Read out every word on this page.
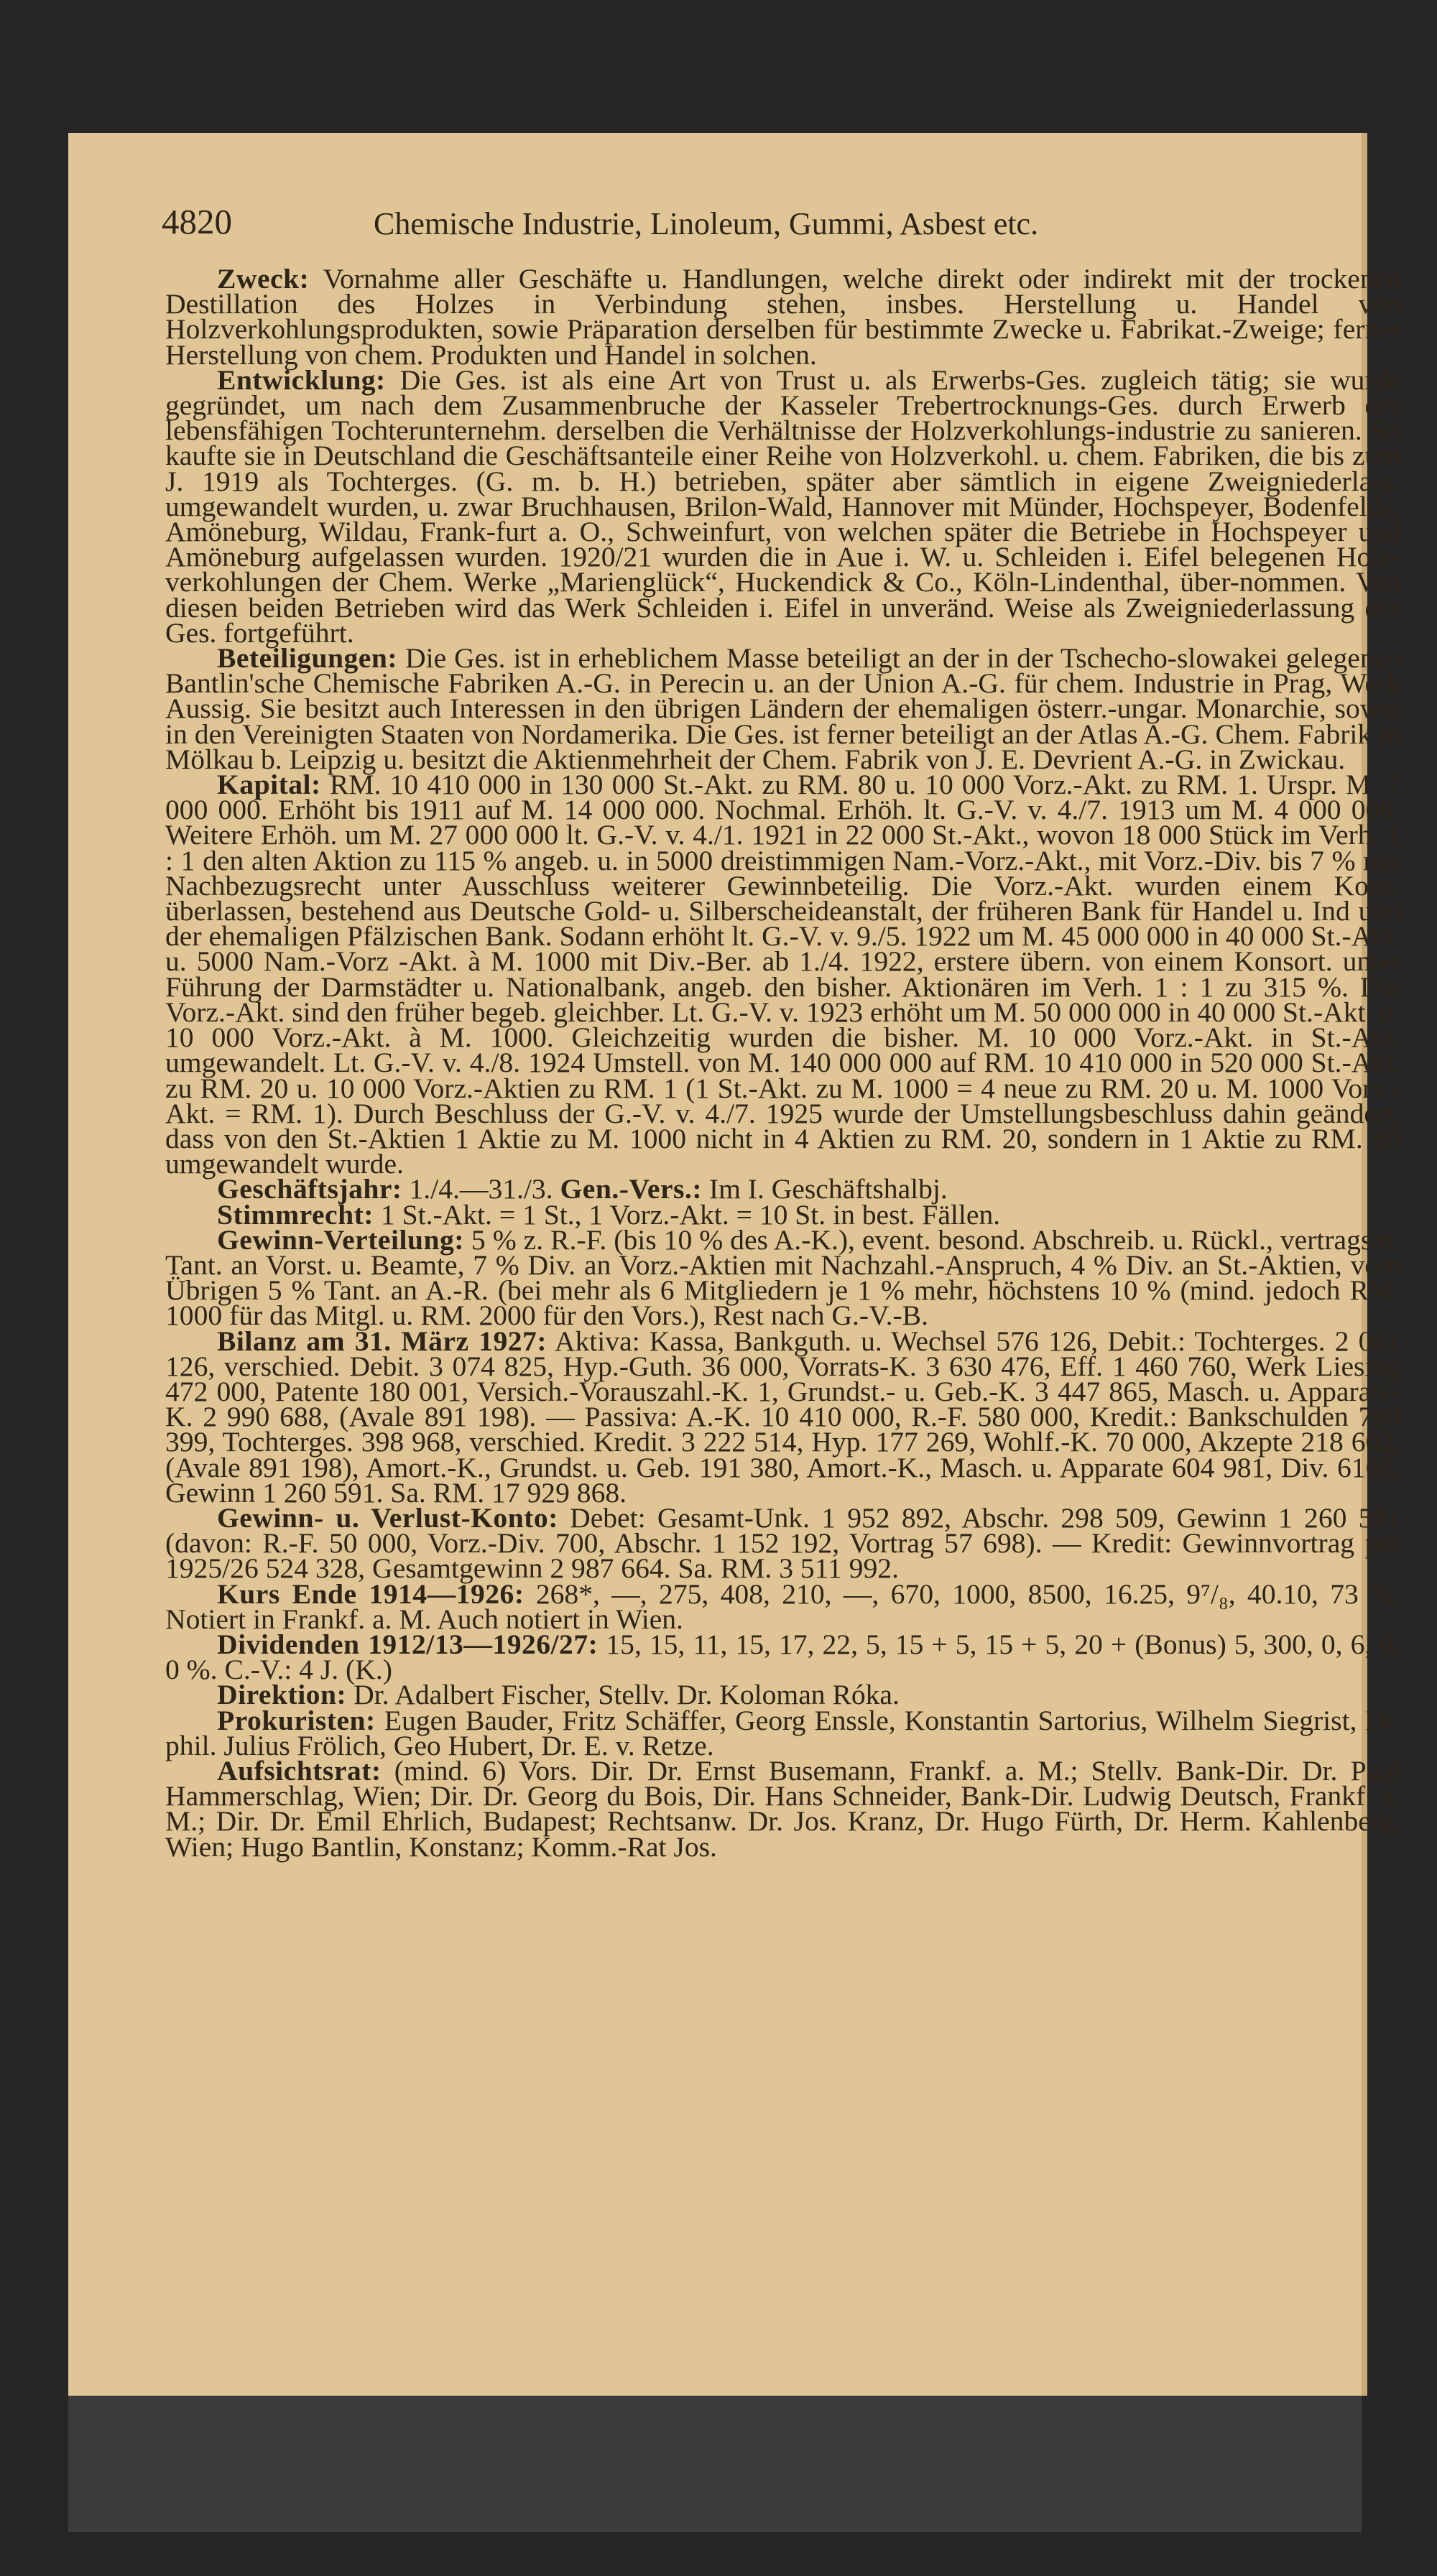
4820	Chemische Industrie, Linoleum, Gummi, Asbest etc.

Zweck: Vornahme aller Geschäfte u. Handlungen, welche direkt oder indirekt mit der trockenen Destillation des Holzes in Verbindung stehen, insbes. Herstellung u. Handel von Holzverkohlungsprodukten, sowie Präparation derselben für bestimmte Zwecke u. Fabrikat.-Zweige; ferner Herstellung von chem. Produkten und Handel in solchen.

Entwicklung: Die Ges. ist als eine Art von Trust u. als Erwerbs-Ges. zugleich tätig; sie wurde gegründet, um nach dem Zusammenbruche der Kasseler Trebertrocknungs-Ges. durch Erwerb der lebensfähigen Tochterunternehm. derselben die Verhältnisse der Holzverkohlungs-industrie zu sanieren. So kaufte sie in Deutschland die Geschäftsanteile einer Reihe von Holzverkohl. u. chem. Fabriken, die bis zum J. 1919 als Tochterges. (G. m. b. H.) betrieben, später aber sämtlich in eigene Zweigniederlass. umgewandelt wurden, u. zwar Bruchhausen, Brilon-Wald, Hannover mit Münder, Hochspeyer, Bodenfelde, Amöneburg, Wildau, Frank-furt a. O., Schweinfurt, von welchen später die Betriebe in Hochspeyer und Amöneburg aufgelassen wurden. 1920/21 wurden die in Aue i. W. u. Schleiden i. Eifel belegenen Holz-verkohlungen der Chem. Werke „Marienglück“, Huckendick & Co., Köln-Lindenthal, über-nommen. Von diesen beiden Betrieben wird das Werk Schleiden i. Eifel in unveränd. Weise als Zweigniederlassung der Ges. fortgeführt.

Beteiligungen: Die Ges. ist in erheblichem Masse beteiligt an der in der Tschecho-slowakei gelegenen Bantlin'sche Chemische Fabriken A.-G. in Perecin u. an der Union A.-G. für chem. Industrie in Prag, Werk Aussig. Sie besitzt auch Interessen in den übrigen Ländern der ehemaligen österr.-ungar. Monarchie, sowie in den Vereinigten Staaten von Nordamerika. Die Ges. ist ferner beteiligt an der Atlas A.-G. Chem. Fabrik in Mölkau b. Leipzig u. besitzt die Aktienmehrheit der Chem. Fabrik von J. E. Devrient A.-G. in Zwickau.

Kapital: RM. 10 410 000 in 130 000 St.-Akt. zu RM. 80 u. 10 000 Vorz.-Akt. zu RM. 1. Urspr. M. 7 000 000. Erhöht bis 1911 auf M. 14 000 000. Nochmal. Erhöh. lt. G.-V. v. 4./7. 1913 um M. 4 000 000. Weitere Erhöh. um M. 27 000 000 lt. G.-V. v. 4./1. 1921 in 22 000 St.-Akt., wovon 18 000 Stück im Verh. 1 : 1 den alten Aktion zu 115 % angeb. u. in 5000 dreistimmigen Nam.-Vorz.-Akt., mit Vorz.-Div. bis 7 % mit Nachbezugsrecht unter Ausschluss weiterer Gewinnbeteilig. Die Vorz.-Akt. wurden einem Kons. überlassen, bestehend aus Deutsche Gold- u. Silberscheideanstalt, der früheren Bank für Handel u. Ind und der ehemaligen Pfälzischen Bank. Sodann erhöht lt. G.-V. v. 9./5. 1922 um M. 45 000 000 in 40 000 St.-Akt. u. 5000 Nam.-Vorz -Akt. à M. 1000 mit Div.-Ber. ab 1./4. 1922, erstere übern. von einem Konsort. unter Führung der Darmstädter u. Nationalbank, angeb. den bisher. Aktionären im Verh. 1 : 1 zu 315 %. Die Vorz.-Akt. sind den früher begeb. gleichber. Lt. G.-V. v. 1923 erhöht um M. 50 000 000 in 40 000 St.-Akt. u. 10 000 Vorz.-Akt. à M. 1000. Gleichzeitig wurden die bisher. M. 10 000 Vorz.-Akt. in St.-Akt. umgewandelt. Lt. G.-V. v. 4./8. 1924 Umstell. von M. 140 000 000 auf RM. 10 410 000 in 520 000 St.-Akt. zu RM. 20 u. 10 000 Vorz.-Aktien zu RM. 1 (1 St.-Akt. zu M. 1000 = 4 neue zu RM. 20 u. M. 1000 Vorz.-Akt. = RM. 1). Durch Beschluss der G.-V. v. 4./7. 1925 wurde der Umstellungsbeschluss dahin geändert, dass von den St.-Aktien 1 Aktie zu M. 1000 nicht in 4 Aktien zu RM. 20, sondern in 1 Aktie zu RM. 80 umgewandelt wurde.

Geschäftsjahr: 1./4.—31./3. Gen.-Vers.: Im I. Geschäftshalbj.

Stimmrecht: 1 St.-Akt. = 1 St., 1 Vorz.-Akt. = 10 St. in best. Fällen.

Gewinn-Verteilung: 5 % z. R.-F. (bis 10 % des A.-K.), event. besond. Abschreib. u. Rückl., vertragsm. Tant. an Vorst. u. Beamte, 7 % Div. an Vorz.-Aktien mit Nachzahl.-Anspruch, 4 % Div. an St.-Aktien, vom Übrigen 5 % Tant. an A.-R. (bei mehr als 6 Mitgliedern je 1 % mehr, höchstens 10 % (mind. jedoch RM. 1000 für das Mitgl. u. RM. 2000 für den Vors.), Rest nach G.-V.-B.

Bilanz am 31. März 1927: Aktiva: Kassa, Bankguth. u. Wechsel 576 126, Debit.: Tochterges. 2 061 126, verschied. Debit. 3 074 825, Hyp.-Guth. 36 000, Vorrats-K. 3 630 476, Eff. 1 460 760, Werk Liesing 472 000, Patente 180 001, Versich.-Vorauszahl.-K. 1, Grundst.- u. Geb.-K. 3 447 865, Masch. u. Apparate-K. 2 990 688, (Avale 891 198). — Passiva: A.-K. 10 410 000, R.-F. 580 000, Kredit.: Bankschulden 789 399, Tochterges. 398 968, verschied. Kredit. 3 222 514, Hyp. 177 269, Wohlf.-K. 70 000, Akzepte 218 602, (Avale 891 198), Amort.-K., Grundst. u. Geb. 191 380, Amort.-K., Masch. u. Apparate 604 981, Div. 6165, Gewinn 1 260 591. Sa. RM. 17 929 868.

Gewinn- u. Verlust-Konto: Debet: Gesamt-Unk. 1 952 892, Abschr. 298 509, Gewinn 1 260 591 (davon: R.-F. 50 000, Vorz.-Div. 700, Abschr. 1 152 192, Vortrag 57 698). — Kredit: Gewinnvortrag per 1925/26 524 328, Gesamtgewinn 2 987 664. Sa. RM. 3 511 992.

Kurs Ende 1914—1926: 268*, —, 275, 408, 210, —, 670, 1000, 8500, 16.25, 9⁷/₈, 40.10, 73 %. Notiert in Frankf. a. M. Auch notiert in Wien.

Dividenden 1912/13—1926/27: 15, 15, 11, 15, 17, 22, 5, 15 + 5, 15 + 5, 20 + (Bonus) 5, 300, 0, 6, 0, 0 %. C.-V.: 4 J. (K.)

Direktion: Dr. Adalbert Fischer, Stellv. Dr. Koloman Róka.

Prokuristen: Eugen Bauder, Fritz Schäffer, Georg Enssle, Konstantin Sartorius, Wilhelm Siegrist, Dr. phil. Julius Frölich, Geo Hubert, Dr. E. v. Retze.

Aufsichtsrat: (mind. 6) Vors. Dir. Dr. Ernst Busemann, Frankf. a. M.; Stellv. Bank-Dir. Dr. Paul Hammerschlag, Wien; Dir. Dr. Georg du Bois, Dir. Hans Schneider, Bank-Dir. Ludwig Deutsch, Frankf. a. M.; Dir. Dr. Emil Ehrlich, Budapest; Rechtsanw. Dr. Jos. Kranz, Dr. Hugo Fürth, Dr. Herm. Kahlenberg, Wien; Hugo Bantlin, Konstanz; Komm.-Rat Jos.
